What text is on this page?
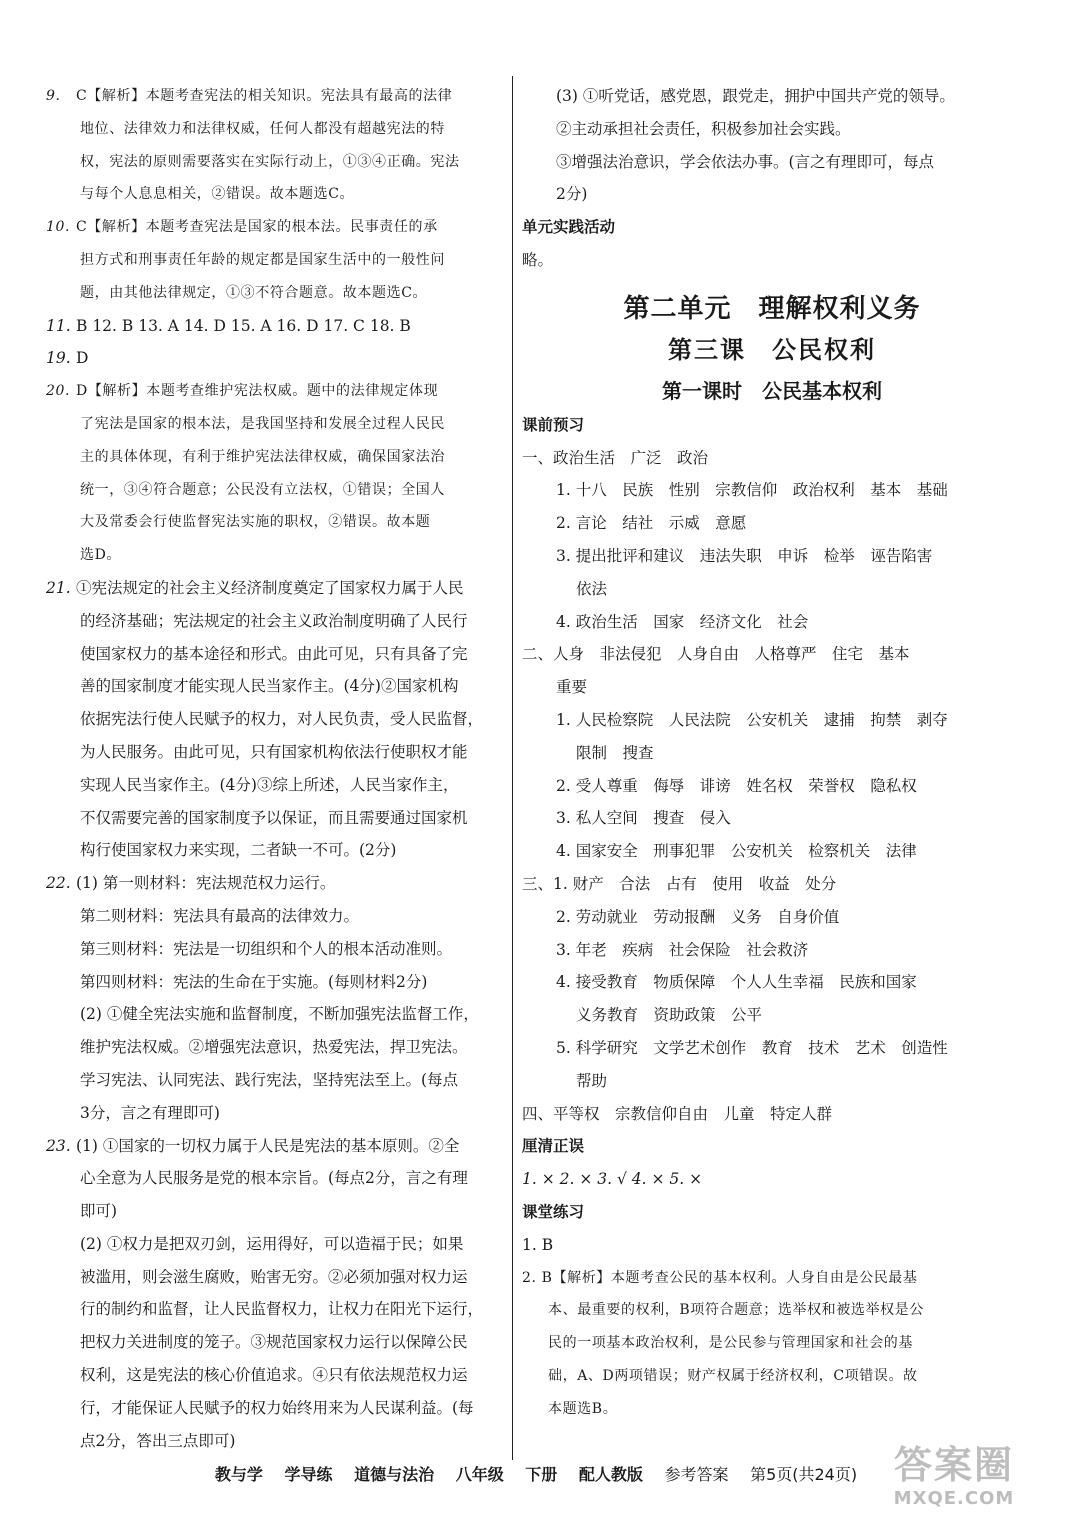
9. C【解析】本题考查宪法的相关知识。宪法具有最高的法律
地位、法律效力和法律权威，任何人都没有超越宪法的特
权，宪法的原则需要落实在实际行动上，①③④正确。宪法
与每个人息息相关，②错误。故本题选C。
10. C【解析】本题考查宪法是国家的根本法。民事责任的承
担方式和刑事责任年龄的规定都是国家生活中的一般性问
题，由其他法律规定，①③不符合题意。故本题选C。
11. B 12. B 13. A 14. D 15. A 16. D 17. C 18. B
19. D
20. D【解析】本题考查维护宪法权威。题中的法律规定体现
了宪法是国家的根本法，是我国坚持和发展全过程人民民
主的具体体现，有利于维护宪法法律权威，确保国家法治
统一，③④符合题意；公民没有立法权，①错误；全国人
大及常委会行使监督宪法实施的职权，②错误。故本题
选D。
21. ①宪法规定的社会主义经济制度奠定了国家权力属于人民
的经济基础；宪法规定的社会主义政治制度明确了人民行
使国家权力的基本途径和形式。由此可见，只有具备了完
善的国家制度才能实现人民当家作主。(4分)②国家机构
依据宪法行使人民赋予的权力，对人民负责，受人民监督，
为人民服务。由此可见，只有国家机构依法行使职权才能
实现人民当家作主。(4分)③综上所述，人民当家作主，
不仅需要完善的国家制度予以保证，而且需要通过国家机
构行使国家权力来实现，二者缺一不可。(2分)
22. (1) 第一则材料：宪法规范权力运行。
第二则材料：宪法具有最高的法律效力。
第三则材料：宪法是一切组织和个人的根本活动准则。
第四则材料：宪法的生命在于实施。(每则材料2分)
(2) ①健全宪法实施和监督制度，不断加强宪法监督工作，
维护宪法权威。②增强宪法意识，热爱宪法，捍卫宪法。
学习宪法、认同宪法、践行宪法，坚持宪法至上。(每点
3分，言之有理即可)
23. (1) ①国家的一切权力属于人民是宪法的基本原则。②全
心全意为人民服务是党的根本宗旨。(每点2分，言之有理
即可)
(2) ①权力是把双刃剑，运用得好，可以造福于民；如果
被滥用，则会滋生腐败，贻害无穷。②必须加强对权力运
行的制约和监督，让人民监督权力，让权力在阳光下运行，
把权力关进制度的笼子。③规范国家权力运行以保障公民
权利，这是宪法的核心价值追求。④只有依法规范权力运
行，才能保证人民赋予的权力始终用来为人民谋利益。(每
点2分，答出三点即可)
(3) ①听党话，感党恩，跟党走，拥护中国共产党的领导。
②主动承担社会责任，积极参加社会实践。
③增强法治意识，学会依法办事。(言之有理即可，每点
2分)
单元实践活动
略。
第二单元　理解权利义务
第三课　公民权利
第一课时　公民基本权利
课前预习
一、政治生活　广泛　政治
1. 十八　民族　性别　宗教信仰　政治权利　基本　基础
2. 言论　结社　示威　意愿
3. 提出批评和建议　违法失职　申诉　检举　诬告陷害
依法
4. 政治生活　国家　经济文化　社会
二、人身　非法侵犯　人身自由　人格尊严　住宅　基本
重要
1. 人民检察院　人民法院　公安机关　逮捕　拘禁　剥夺
限制　搜查
2. 受人尊重　侮辱　诽谤　姓名权　荣誉权　隐私权
3. 私人空间　搜查　侵入
4. 国家安全　刑事犯罪　公安机关　检察机关　法律
三、1. 财产　合法　占有　使用　收益　处分
2. 劳动就业　劳动报酬　义务　自身价值
3. 年老　疾病　社会保险　社会救济
4. 接受教育　物质保障　个人人生幸福　民族和国家
义务教育　资助政策　公平
5. 科学研究　文学艺术创作　教育　技术　艺术　创造性
帮助
四、平等权　宗教信仰自由　儿童　特定人群
厘清正误
1. × 2. × 3. √ 4. × 5. ×
课堂练习
1. B
2. B【解析】本题考查公民的基本权利。人身自由是公民最基
本、最重要的权利，B项符合题意；选举权和被选举权是公
民的一项基本政治权利，是公民参与管理国家和社会的基
础，A、D两项错误；财产权属于经济权利，C项错误。故
本题选B。
教与学 学导练 道德与法治 八年级 下册 配人教版 参考答案 第5页(共24页) 答案圈
MXQE.COM
